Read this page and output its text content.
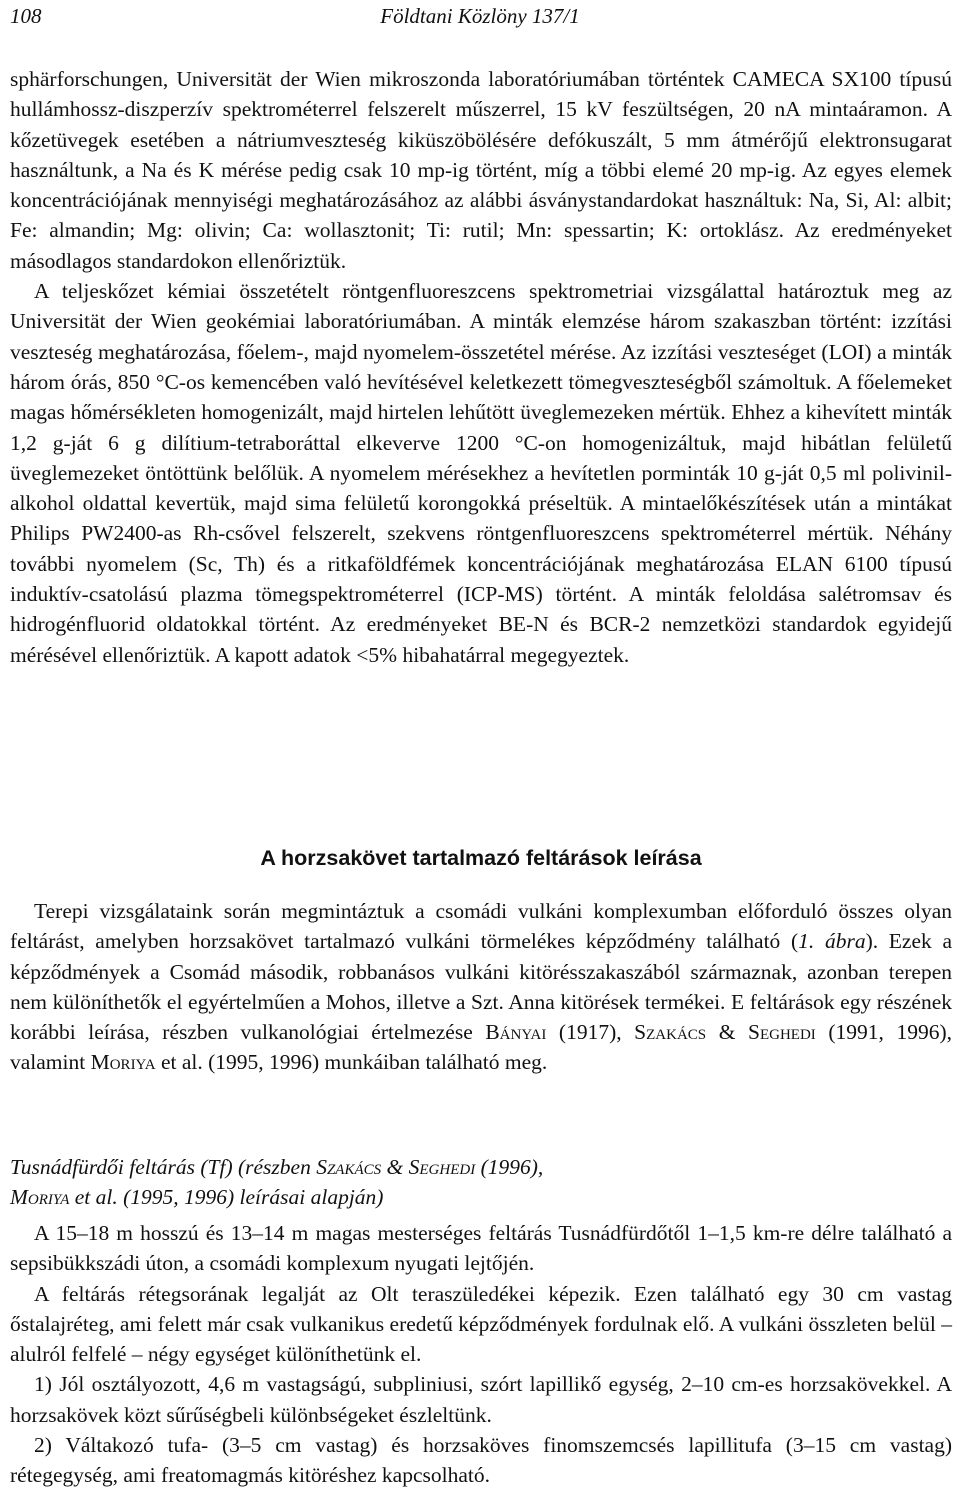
108	Földtani Közlöny 137/1

sphärforschungen, Universität der Wien mikroszonda laboratóriumában történtek CAMECA SX100 típusú hullámhossz-diszperzív spektrométerrel felszerelt műszerrel, 15 kV feszültségen, 20 nA mintaáramon. A kőzetüvegek esetében a nátriumveszteség kiküszöbölésére defókuszált, 5 mm átmérőjű elektronsugarat használtunk, a Na és K mérése pedig csak 10 mp-ig történt, míg a többi elemé 20 mp-ig. Az egyes elemek koncentrációjának mennyiségi meghatározásához az alábbi ásványstandardokat használtuk: Na, Si, Al: albit; Fe: almandin; Mg: olivin; Ca: wollasztonit; Ti: rutil; Mn: spessartin; K: ortoklász. Az eredményeket másodlagos standardokon ellenőriztük.

A teljeskőzet kémiai összetételt röntgenfluoreszcens spektrometriai vizsgálattal határoztuk meg az Universität der Wien geokémiai laboratóriumában. A minták elemzése három szakaszban történt: izzítási veszteség meghatározása, főelem-, majd nyomelem-összetétel mérése. Az izzítási veszteséget (LOI) a minták három órás, 850 °C-os kemencében való hevítésével keletkezett tömegveszteségből számoltuk. A főelemeket magas hőmérsékleten homogenizált, majd hirtelen lehűtött üveglemezeken mértük. Ehhez a kihevített minták 1,2 g-ját 6 g dilítium-tetraboráttal elkeverve 1200 °C-on homogenizáltuk, majd hibátlan felületű üveglemezeket öntöttünk belőlük. A nyomelem mérésekhez a hevítetlen porminták 10 g-ját 0,5 ml polivinil-alkohol oldattal kevertük, majd sima felületű korongokká préseltük. A mintaelőkészítések után a mintákat Philips PW2400-as Rh-csővel felszerelt, szekvens röntgenfluoreszcens spektrométerrel mértük. Néhány további nyomelem (Sc, Th) és a ritkaföldfémek koncentrációjának meghatározása ELAN 6100 típusú induktív-csatolású plazma tömegspektrométerrel (ICP-MS) történt. A minták feloldása salétromsav és hidrogénfluorid oldatokkal történt. Az eredményeket BE-N és BCR-2 nemzetközi standardok egyidejű mérésével ellenőriztük. A kapott adatok <5% hibahatárral megegyeztek.

A horzsakövet tartalmazó feltárások leírása

Terepi vizsgálataink során megmintáztuk a csomádi vulkáni komplexumban előforduló összes olyan feltárást, amelyben horzsakövet tartalmazó vulkáni törmelékes képződmény található (1. ábra). Ezek a képződmények a Csomád második, robbanásos vulkáni kitörésszakaszából származnak, azonban terepen nem különíthetők el egyértelműen a Mohos, illetve a Szt. Anna kitörések termékei. E feltárások egy részének korábbi leírása, részben vulkanológiai értelmezése Bányai (1917), Szakács & Seghedi (1991, 1996), valamint Moriya et al. (1995, 1996) munkáiban található meg.

Tusnádfürdői feltárás (Tf) (részben Szakács & Seghedi (1996),

Moriya et al. (1995, 1996) leírásai alapján)

A 15–18 m hosszú és 13–14 m magas mesterséges feltárás Tusnádfürdőtől 1–1,5 km-re délre található a sepsibükkszádi úton, a csomádi komplexum nyugati lejtőjén.

A feltárás rétegsorának legalját az Olt teraszüledékei képezik. Ezen található egy 30 cm vastag őstalajréteg, ami felett már csak vulkanikus eredetű képződmények fordulnak elő. A vulkáni összleten belül – alulról felfelé – négy egységet különíthetünk el.

1) Jól osztályozott, 4,6 m vastagságú, subpliniusi, szórt lapillikő egység, 2–10 cm-es horzsakövekkel. A horzsakövek közt sűrűségbeli különbségeket észleltünk.

2) Váltakozó tufa- (3–5 cm vastag) és horzsaköves finomszemcsés lapillitufa (3–15 cm vastag) rétegegység, ami freatomagmás kitöréshez kapcsolható.
